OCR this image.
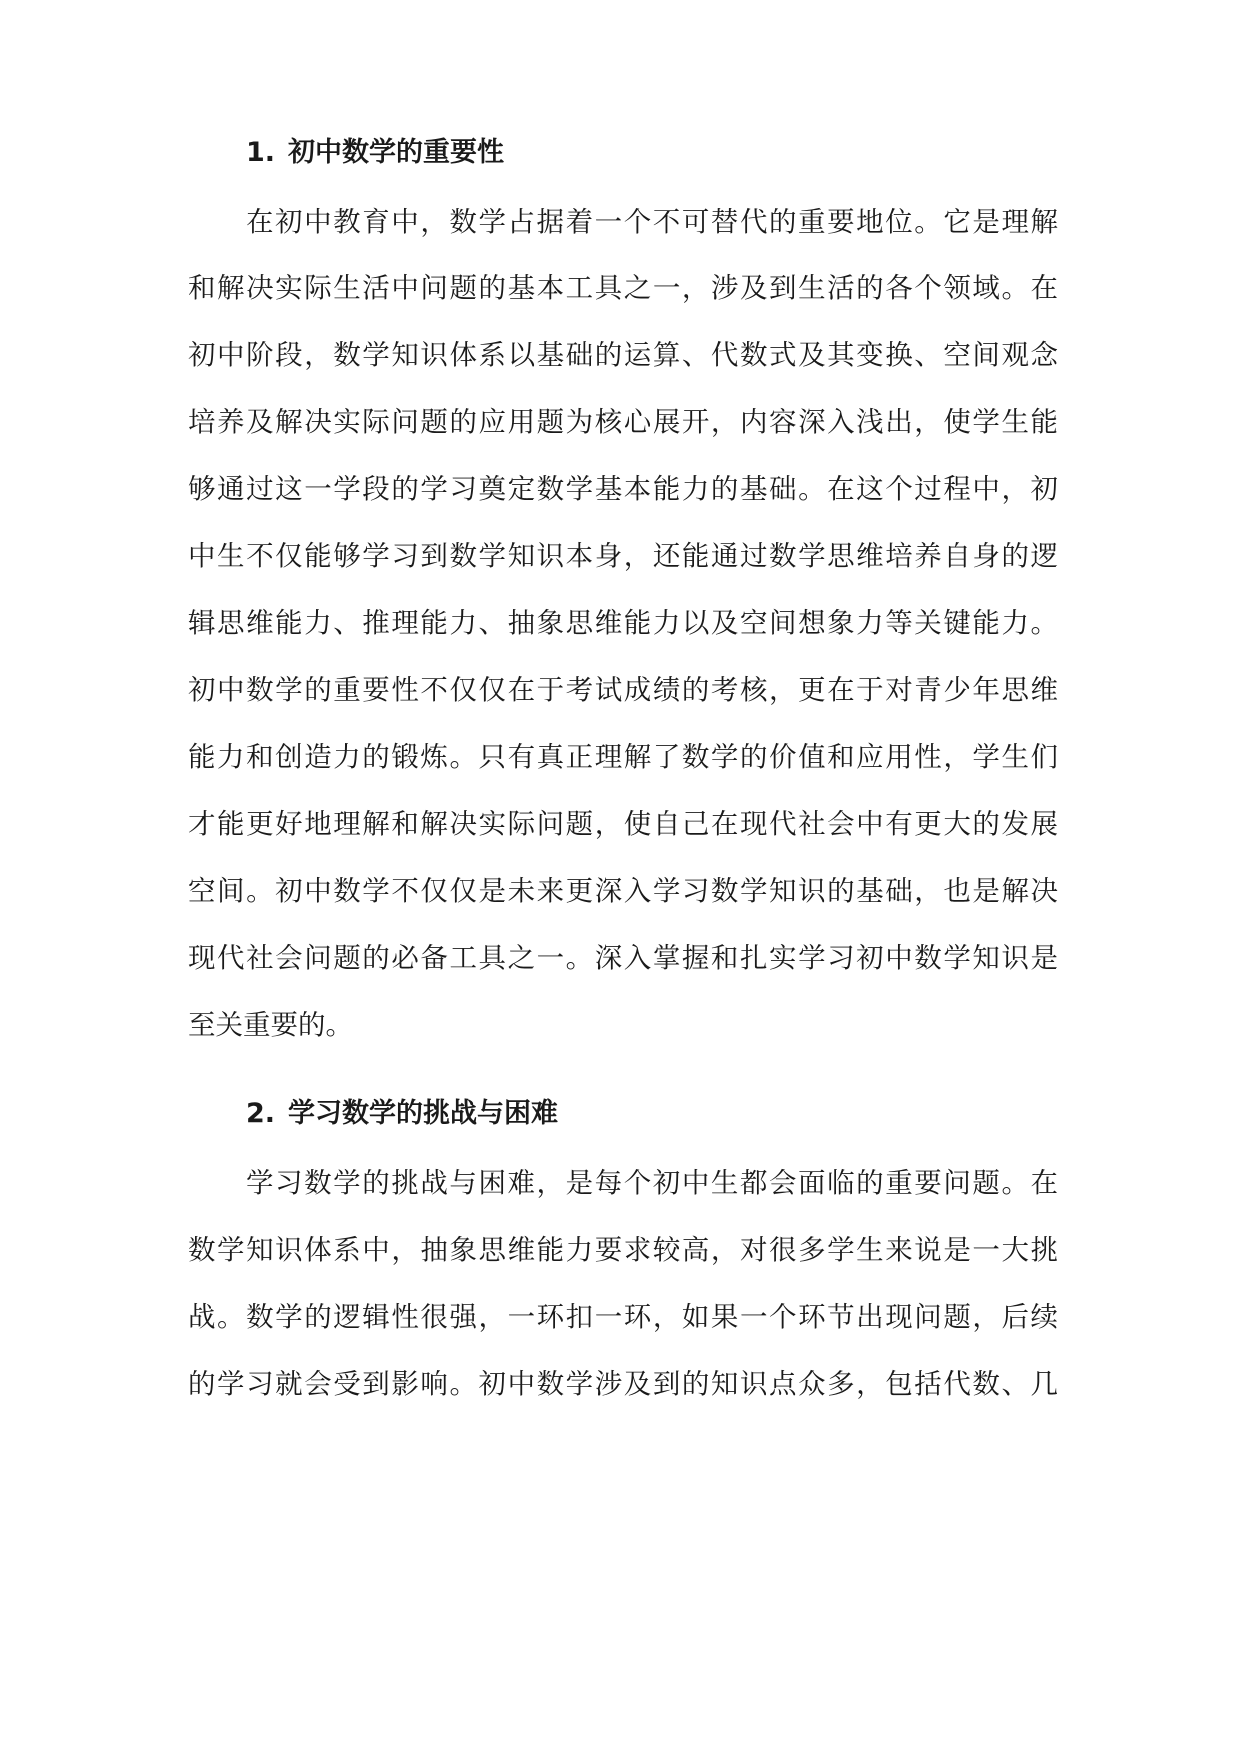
1. 初中数学的重要性
在初中教育中，数学占据着一个不可替代的重要地位。它是理解
和解决实际生活中问题的基本工具之一，涉及到生活的各个领域。在
初中阶段，数学知识体系以基础的运算、代数式及其变换、空间观念
培养及解决实际问题的应用题为核心展开，内容深入浅出，使学生能
够通过这一学段的学习奠定数学基本能力的基础。在这个过程中，初
中生不仅能够学习到数学知识本身，还能通过数学思维培养自身的逻
辑思维能力、推理能力、抽象思维能力以及空间想象力等关键能力。
初中数学的重要性不仅仅在于考试成绩的考核，更在于对青少年思维
能力和创造力的锻炼。只有真正理解了数学的价值和应用性，学生们
才能更好地理解和解决实际问题，使自己在现代社会中有更大的发展
空间。初中数学不仅仅是未来更深入学习数学知识的基础，也是解决
现代社会问题的必备工具之一。深入掌握和扎实学习初中数学知识是
至关重要的。
2. 学习数学的挑战与困难
学习数学的挑战与困难，是每个初中生都会面临的重要问题。在
数学知识体系中，抽象思维能力要求较高，对很多学生来说是一大挑
战。数学的逻辑性很强，一环扣一环，如果一个环节出现问题，后续
的学习就会受到影响。初中数学涉及到的知识点众多，包括代数、几
